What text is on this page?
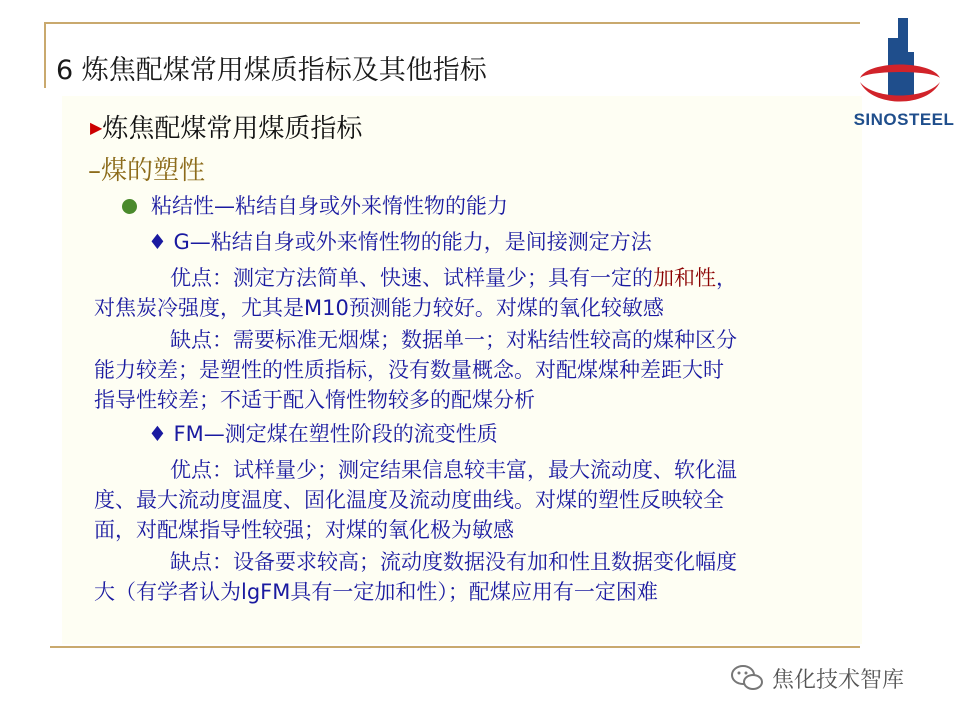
6 炼焦配煤常用煤质指标及其他指标
SINOSTEEL
▶炼焦配煤常用煤质指标
–煤的塑性
粘结性—粘结自身或外来惰性物的能力
♦ G—粘结自身或外来惰性物的能力，是间接测定方法
优点：测定方法简单、快速、试样量少；具有一定的加和性，
对焦炭冷强度，尤其是M10预测能力较好。对煤的氧化较敏感
缺点：需要标准无烟煤；数据单一；对粘结性较高的煤种区分
能力较差；是塑性的性质指标，没有数量概念。对配煤煤种差距大时
指导性较差；不适于配入惰性物较多的配煤分析
♦ FM—测定煤在塑性阶段的流变性质
优点：试样量少；测定结果信息较丰富，最大流动度、软化温
度、最大流动度温度、固化温度及流动度曲线。对煤的塑性反映较全
面，对配煤指导性较强；对煤的氧化极为敏感
缺点：设备要求较高；流动度数据没有加和性且数据变化幅度
大（有学者认为lgFM具有一定加和性）；配煤应用有一定困难
焦化技术智库
